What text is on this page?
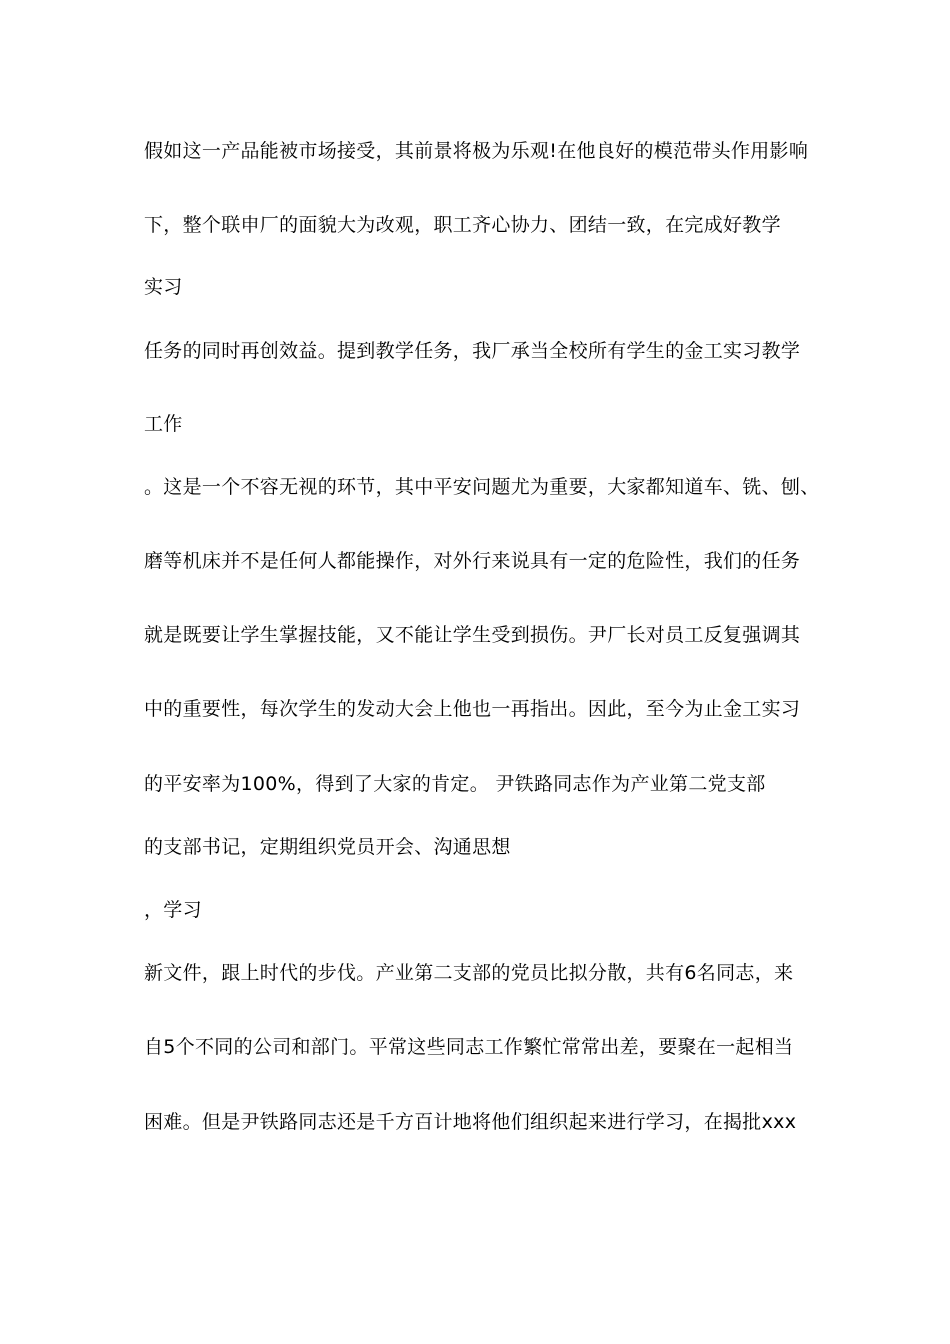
假如这一产品能被市场接受，其前景将极为乐观!在他良好的模范带头作用影响
下，整个联申厂的面貌大为改观，职工齐心协力、团结一致，在完成好教学
实习
任务的同时再创效益。提到教学任务，我厂承当全校所有学生的金工实习教学
工作
。这是一个不容无视的环节，其中平安问题尤为重要，大家都知道车、铣、刨、
磨等机床并不是任何人都能操作，对外行来说具有一定的危险性，我们的任务
就是既要让学生掌握技能，又不能让学生受到损伤。尹厂长对员工反复强调其
中的重要性，每次学生的发动大会上他也一再指出。因此，至今为止金工实习
的平安率为100%，得到了大家的肯定。 尹铁路同志作为产业第二党支部
的支部书记，定期组织党员开会、沟通思想
，学习
新文件，跟上时代的步伐。产业第二支部的党员比拟分散，共有6名同志，来
自5个不同的公司和部门。平常这些同志工作繁忙常常出差，要聚在一起相当
困难。但是尹铁路同志还是千方百计地将他们组织起来进行学习，在揭批xxx
